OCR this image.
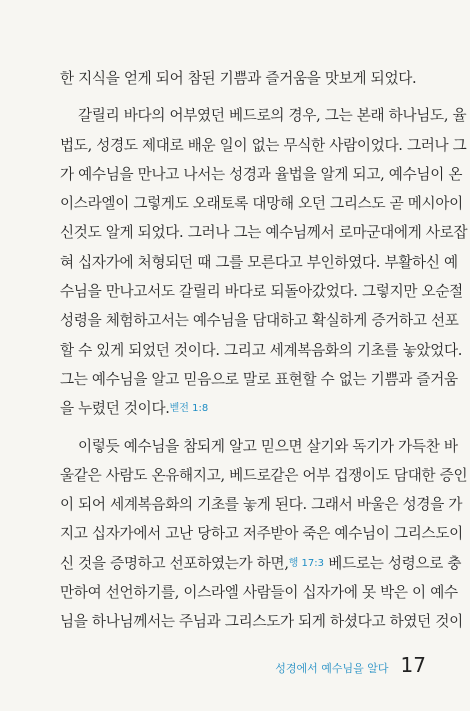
한 지식을 얻게 되어 참된 기쁨과 즐거움을 맛보게 되었다.
갈릴리 바다의 어부였던 베드로의 경우, 그는 본래 하나님도, 율
법도, 성경도 제대로 배운 일이 없는 무식한 사람이었다. 그러나 그
가 예수님을 만나고 나서는 성경과 율법을 알게 되고, 예수님이 온
이스라엘이 그렇게도 오래토록 대망해 오던 그리스도 곧 메시아이
신것도 알게 되었다. 그러나 그는 예수님께서 로마군대에게 사로잡
혀 십자가에 처형되던 때 그를 모른다고 부인하였다. 부활하신 예
수님을 만나고서도 갈릴리 바다로 되돌아갔었다. 그렇지만 오순절
성령을 체험하고서는 예수님을 담대하고 확실하게 증거하고 선포
할 수 있게 되었던 것이다. 그리고 세계복음화의 기초를 놓았었다.
그는 예수님을 알고 믿음으로 말로 표현할 수 없는 기쁨과 즐거움
을 누렸던 것이다.벧전 1:8
이렇듯 예수님을 참되게 알고 믿으면 살기와 독기가 가득찬 바
울같은 사람도 온유해지고, 베드로같은 어부 겁쟁이도 담대한 증인
이 되어 세계복음화의 기초를 놓게 된다. 그래서 바울은 성경을 가
지고 십자가에서 고난 당하고 저주받아 죽은 예수님이 그리스도이
신 것을 증명하고 선포하였는가 하면,행 17:3 베드로는 성령으로 충
만하여 선언하기를, 이스라엘 사람들이 십자가에 못 박은 이 예수
님을 하나님께서는 주님과 그리스도가 되게 하셨다고 하였던 것이
성경에서 예수님을 알다 17
